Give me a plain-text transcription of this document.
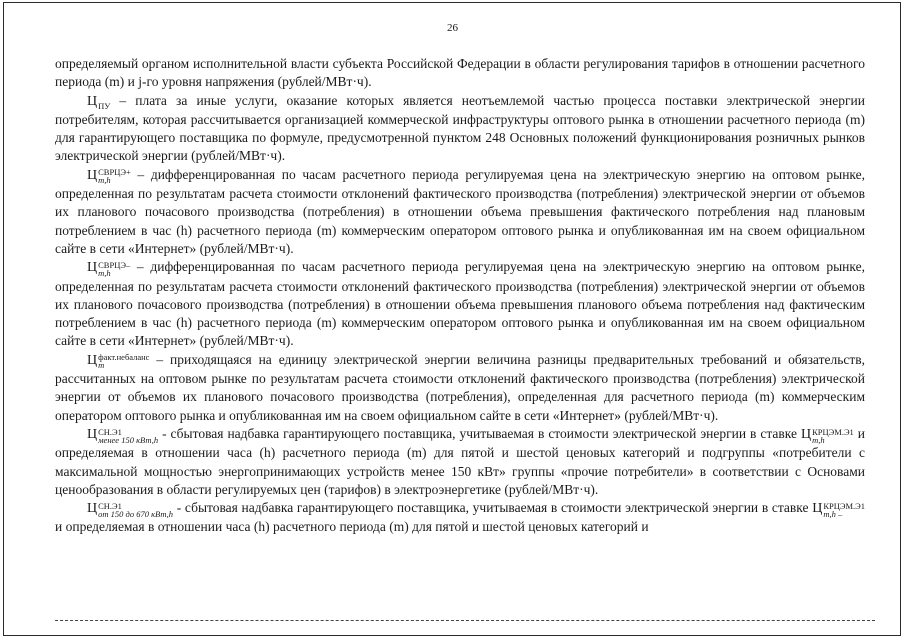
26

определяемый органом исполнительной власти субъекта Российской Федерации в области регулирования тарифов в отношении расчетного периода (m) и j-го уровня напряжения (рублей/МВт·ч).

Ц ПУ – плата за иные услуги, оказание которых является неотъемлемой частью процесса поставки электрической энергии потребителям, которая рассчитывается организацией коммерческой инфраструктуры оптового рынка в отношении расчетного периода (m) для гарантирующего поставщика по формуле, предусмотренной пунктом 248 Основных положений функционирования розничных рынков электрической энергии (рублей/МВт·ч).

Ц СВРЦЭ+
m,h	– дифференцированная по часам расчетного периода регулируемая цена на электрическую энергию на оптовом рынке, определенная по результатам расчета стоимости отклонений фактического производства (потребления) электрической энергии от объемов их планового почасового производства (потребления) в отношении объема превышения фактического потребления над плановым потреблением в час (h) расчетного периода (m) коммерческим оператором оптового рынка и опубликованная им на своем официальном сайте в сети «Интернет» (рублей/МВт·ч).

Ц СВРЦЭ–
m,h	– дифференцированная по часам расчетного периода регулируемая цена на электрическую энергию на оптовом рынке, определенная по результатам расчета стоимости отклонений фактического производства (потребления) электрической энергии от объемов их планового почасового производства (потребления) в отношении объема превышения планового объема потребления над фактическим потреблением в час (h) расчетного периода (m) коммерческим оператором оптового рынка и опубликованная им на своем официальном сайте в сети «Интернет» (рублей/МВт·ч).

Ц факт.небаланс
m	– приходящаяся на единицу электрической энергии величина разницы предварительных требований и обязательств, рассчитанных на оптовом рынке по результатам расчета стоимости отклонений фактического производства (потребления) электрической энергии от объемов их планового почасового производства (потребления), определенная для расчетного периода (m) коммерческим оператором оптового рынка и опубликованная им на своем официальном сайте в сети «Интернет» (рублей/МВт·ч).

Ц СН.Э1
менее 150 кВт,h - сбытовая надбавка гарантирующего поставщика, учитываемая в стоимости электрической энергии в ставке Ц КРЦЭМ.Э1
m,h	и определяемая в отношении часа (h) расчетного периода (m) для пятой и шестой ценовых категорий и подгруппы «потребители с максимальной мощностью энергопринимающих устройств менее 150 кВт» группы «прочие потребители» в соответствии с Основами ценообразования в области регулируемых цен (тарифов) в электроэнергетике (рублей/МВт·ч).

Ц СН.Э1
от 150 до 670 кВт,h - сбытовая надбавка гарантирующего поставщика, учитываемая в стоимости электрической энергии в ставке Ц КРЦЭМ.Э1
m,h –
и определяемая в отношении часа (h) расчетного периода (m) для пятой и шестой ценовых категорий и
